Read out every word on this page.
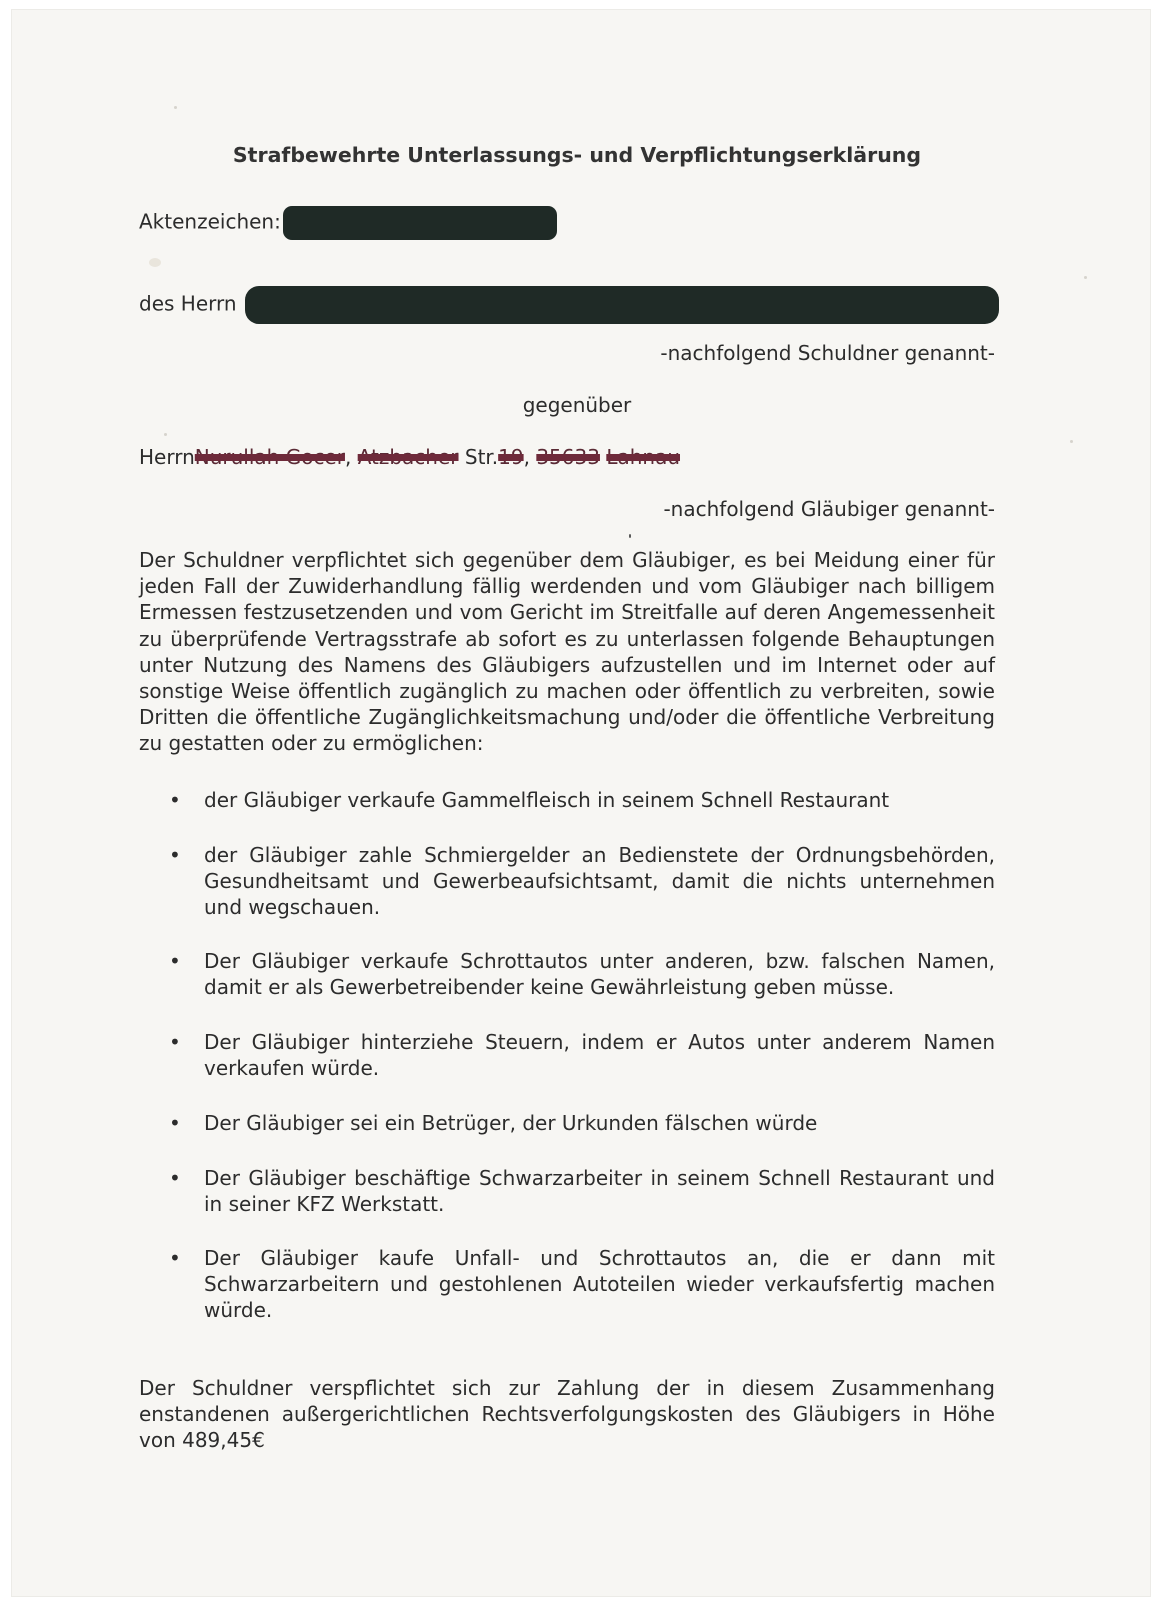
Strafbewehrte Unterlassungs- und Verpflichtungserklärung
Aktenzeichen:
des Herrn
-nachfolgend Schuldner genannt-
gegenüber
HerrnNurullah Gocer, Atzbacher Str.19, 35633 Lahnau
-nachfolgend Gläubiger genannt-
Der Schuldner verpflichtet sich gegenüber dem Gläubiger, es bei Meidung einer für jeden Fall der Zuwiderhandlung fällig werdenden und vom Gläubiger nach billigem Ermessen festzusetzenden und vom Gericht im Streitfalle auf deren Angemessenheit zu überprüfende Vertragsstrafe ab sofort es zu unterlassen folgende Behauptungen unter Nutzung des Namens des Gläubigers aufzustellen und im Internet oder auf sonstige Weise öffentlich zugänglich zu machen oder öffentlich zu verbreiten, sowie Dritten die öffentliche Zugänglichkeitsmachung und/oder die öffentliche Verbreitung zu gestatten oder zu ermöglichen:
• der Gläubiger verkaufe Gammelfleisch in seinem Schnell Restaurant
• der Gläubiger zahle Schmiergelder an Bedienstete der Ordnungsbehörden, Gesundheitsamt und Gewerbeaufsichtsamt, damit die nichts unternehmen und wegschauen.
• Der Gläubiger verkaufe Schrottautos unter anderen, bzw. falschen Namen, damit er als Gewerbetreibender keine Gewährleistung geben müsse.
• Der Gläubiger hinterziehe Steuern, indem er Autos unter anderem Namen verkaufen würde.
• Der Gläubiger sei ein Betrüger, der Urkunden fälschen würde
• Der Gläubiger beschäftige Schwarzarbeiter in seinem Schnell Restaurant und in seiner KFZ Werkstatt.
• Der Gläubiger kaufe Unfall- und Schrottautos an, die er dann mit Schwarzarbeitern und gestohlenen Autoteilen wieder verkaufsfertig machen würde.
Der Schuldner verspflichtet sich zur Zahlung der in diesem Zusammenhang enstandenen außergerichtlichen Rechtsverfolgungskosten des Gläubigers in Höhe von 489,45€
